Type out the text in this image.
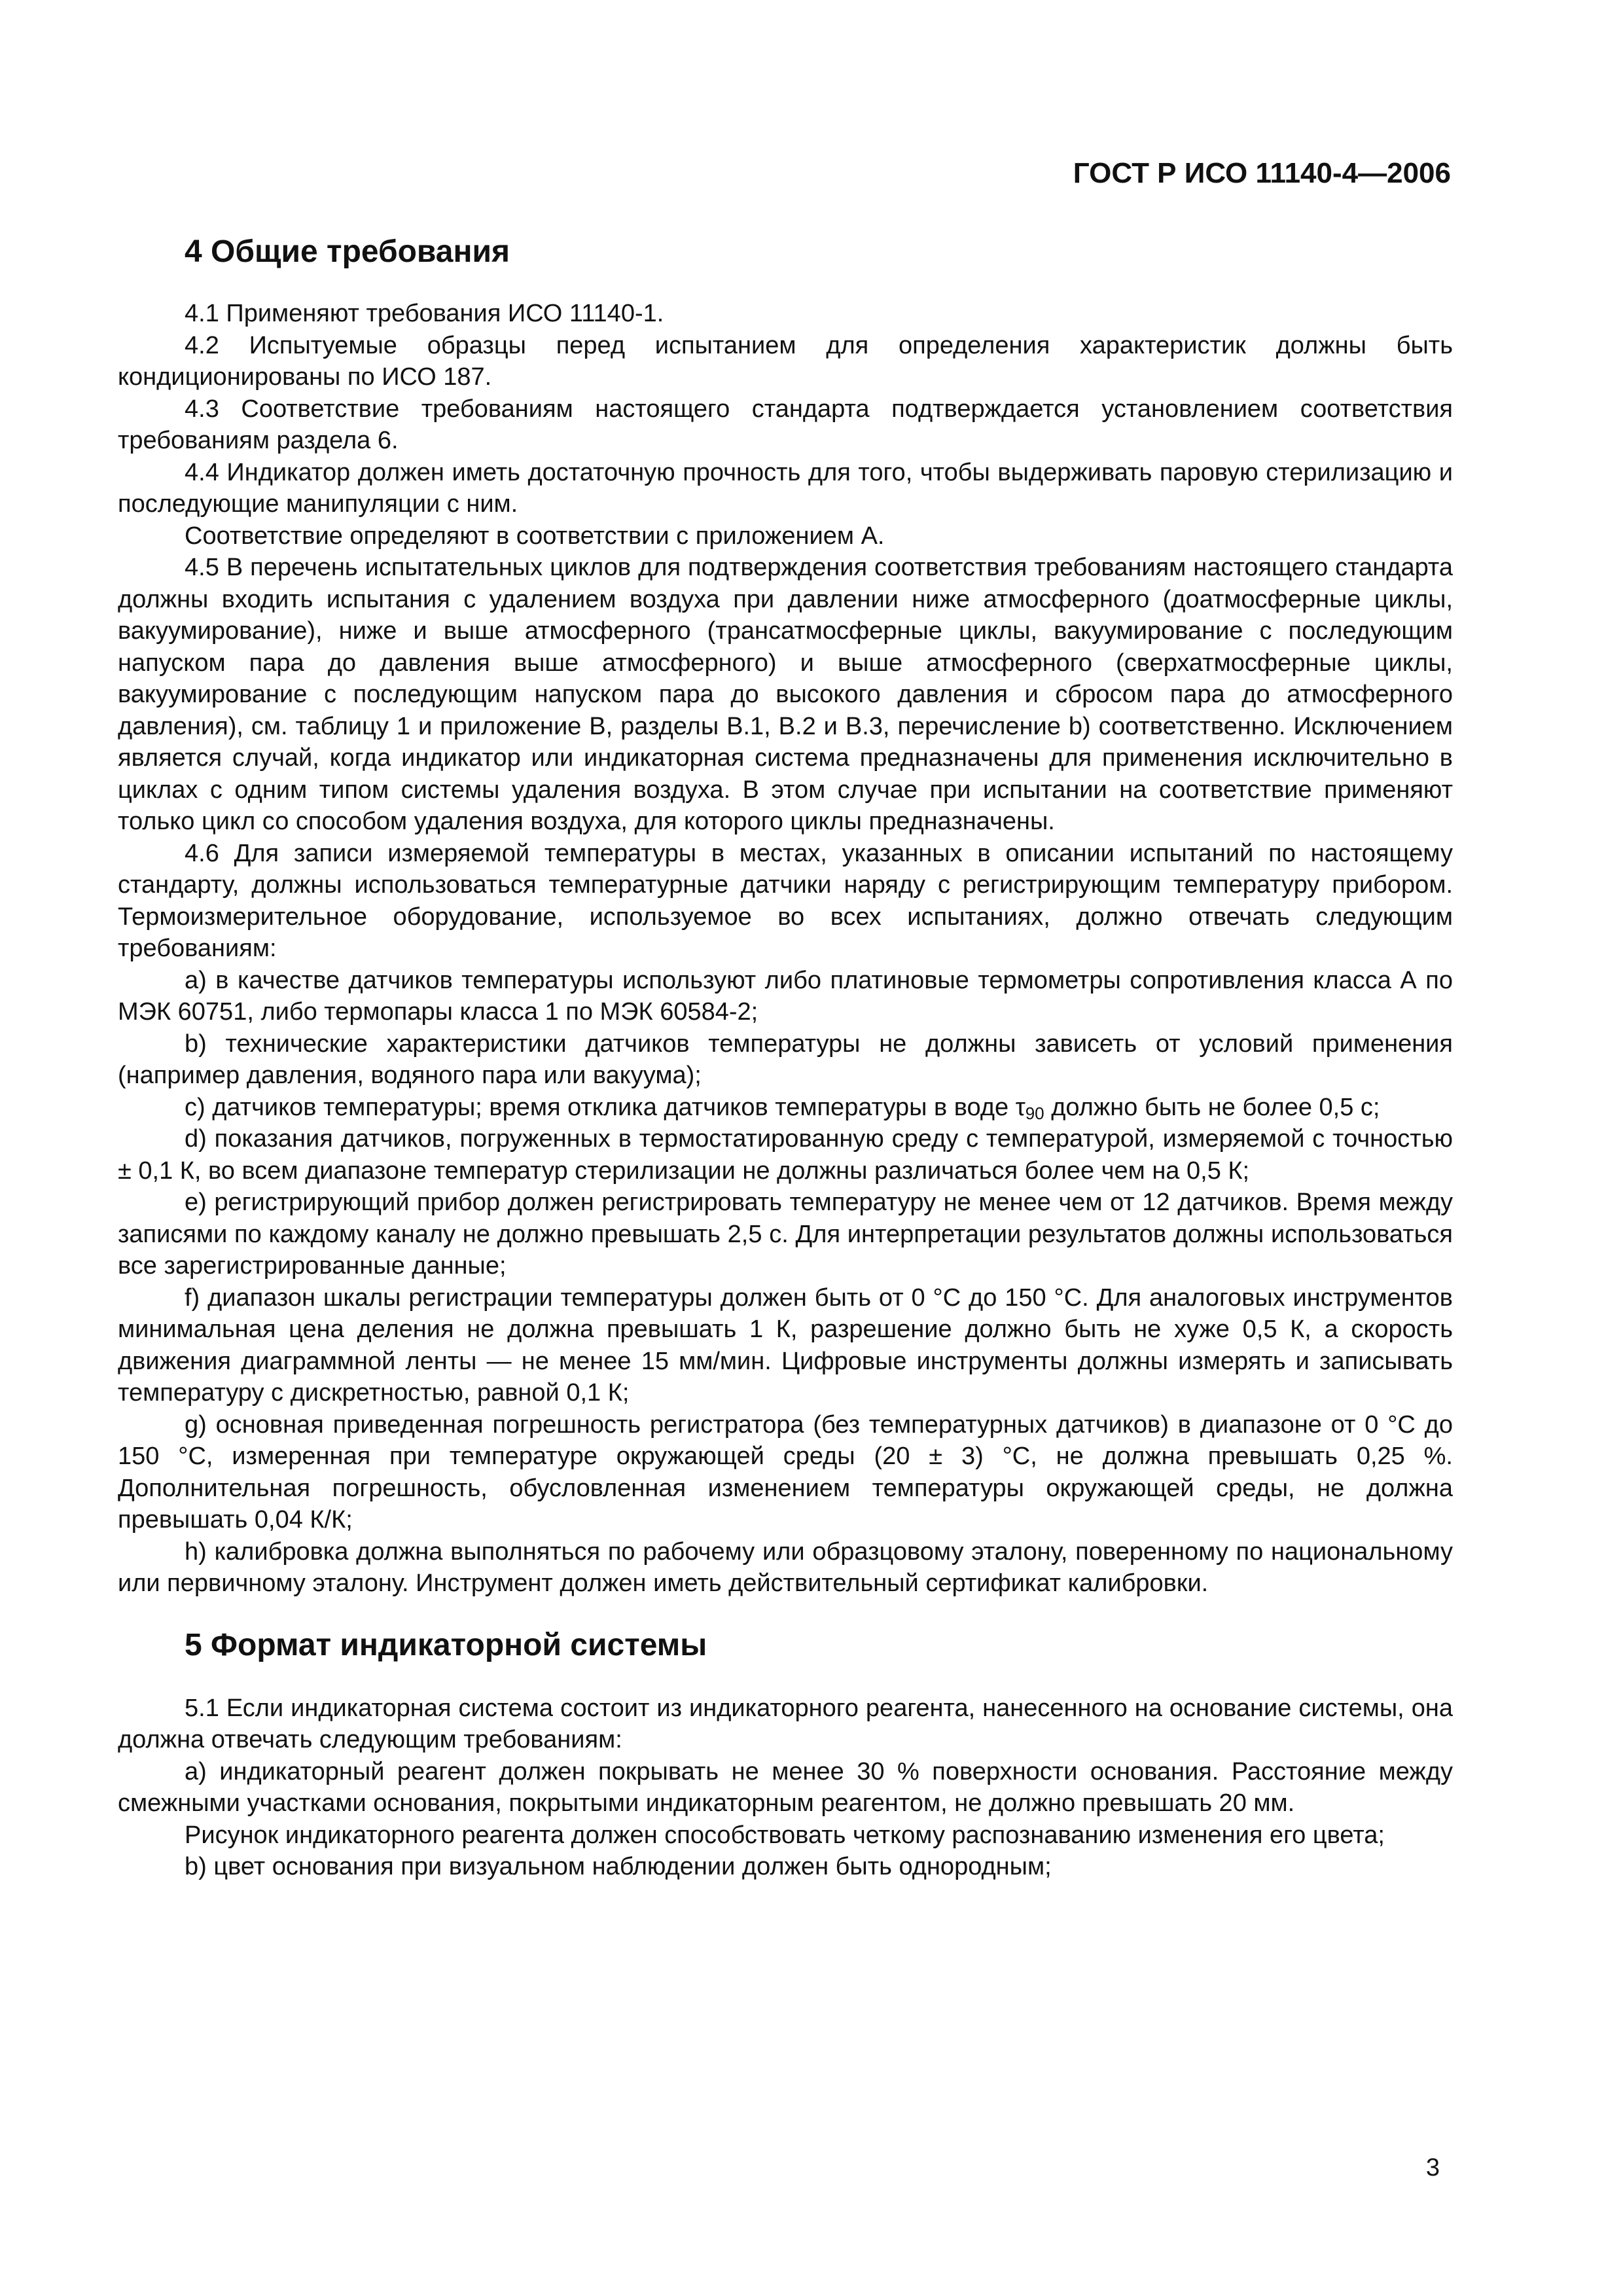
ГОСТ Р ИСО 11140-4—2006
4 Общие требования

4.1 Применяют требования ИСО 11140-1.

4.2 Испытуемые образцы перед испытанием для определения характеристик должны быть кондиционированы по ИСО 187.

4.3 Соответствие требованиям настоящего стандарта подтверждается установлением соответствия требованиям раздела 6.

4.4 Индикатор должен иметь достаточную прочность для того, чтобы выдерживать паровую стерилизацию и последующие манипуляции с ним.

Соответствие определяют в соответствии с приложением А.

4.5 В перечень испытательных циклов для подтверждения соответствия требованиям настоящего стандарта должны входить испытания с удалением воздуха при давлении ниже атмосферного (доатмосферные циклы, вакуумирование), ниже и выше атмосферного (трансатмосферные циклы, вакуумирование с последующим напуском пара до давления выше атмосферного) и выше атмосферного (сверхатмосферные циклы, вакуумирование с последующим напуском пара до высокого давления и сбросом пара до атмосферного давления), см. таблицу 1 и приложение В, разделы В.1, В.2 и В.3, перечисление b) соответственно. Исключением является случай, когда индикатор или индикаторная система предназначены для применения исключительно в циклах с одним типом системы удаления воздуха. В этом случае при испытании на соответствие применяют только цикл со способом удаления воздуха, для которого циклы предназначены.

4.6 Для записи измеряемой температуры в местах, указанных в описании испытаний по настоящему стандарту, должны использоваться температурные датчики наряду с регистрирующим температуру прибором. Термоизмерительное оборудование, используемое во всех испытаниях, должно отвечать следующим требованиям:

а) в качестве датчиков температуры используют либо платиновые термометры сопротивления класса А по МЭК 60751, либо термопары класса 1 по МЭК 60584-2;

b) технические характеристики датчиков температуры не должны зависеть от условий применения (например давления, водяного пара или вакуума);

c) датчиков температуры; время отклика датчиков температуры в воде $\tau_{90}$ должно быть не более 0,5 с;

d) показания датчиков, погруженных в термостатированную среду с температурой, измеряемой с точностью ± 0,1 К, во всем диапазоне температур стерилизации не должны различаться более чем на 0,5 К;

е) регистрирующий прибор должен регистрировать температуру не менее чем от 12 датчиков. Время между записями по каждому каналу не должно превышать 2,5 с. Для интерпретации результатов должны использоваться все зарегистрированные данные;

f) диапазон шкалы регистрации температуры должен быть от 0 °С до 150 °С. Для аналоговых инструментов минимальная цена деления не должна превышать 1 К, разрешение должно быть не хуже 0,5 К, а скорость движения диаграммной ленты — не менее 15 мм/мин. Цифровые инструменты должны измерять и записывать температуру с дискретностью, равной 0,1 К;

g) основная приведенная погрешность регистратора (без температурных датчиков) в диапазоне от 0 °С до 150 °С, измеренная при температуре окружающей среды (20 ± 3) °С, не должна превышать 0,25 %. Дополнительная погрешность, обусловленная изменением температуры окружающей среды, не должна превышать 0,04 К/К;

h) калибровка должна выполняться по рабочему или образцовому эталону, поверенному по национальному или первичному эталону. Инструмент должен иметь действительный сертификат калибровки.

5 Формат индикаторной системы

5.1 Если индикаторная система состоит из индикаторного реагента, нанесенного на основание системы, она должна отвечать следующим требованиям:

а) индикаторный реагент должен покрывать не менее 30 % поверхности основания. Расстояние между смежными участками основания, покрытыми индикаторным реагентом, не должно превышать 20 мм.

Рисунок индикаторного реагента должен способствовать четкому распознаванию изменения его цвета;

b) цвет основания при визуальном наблюдении должен быть однородным;

3
